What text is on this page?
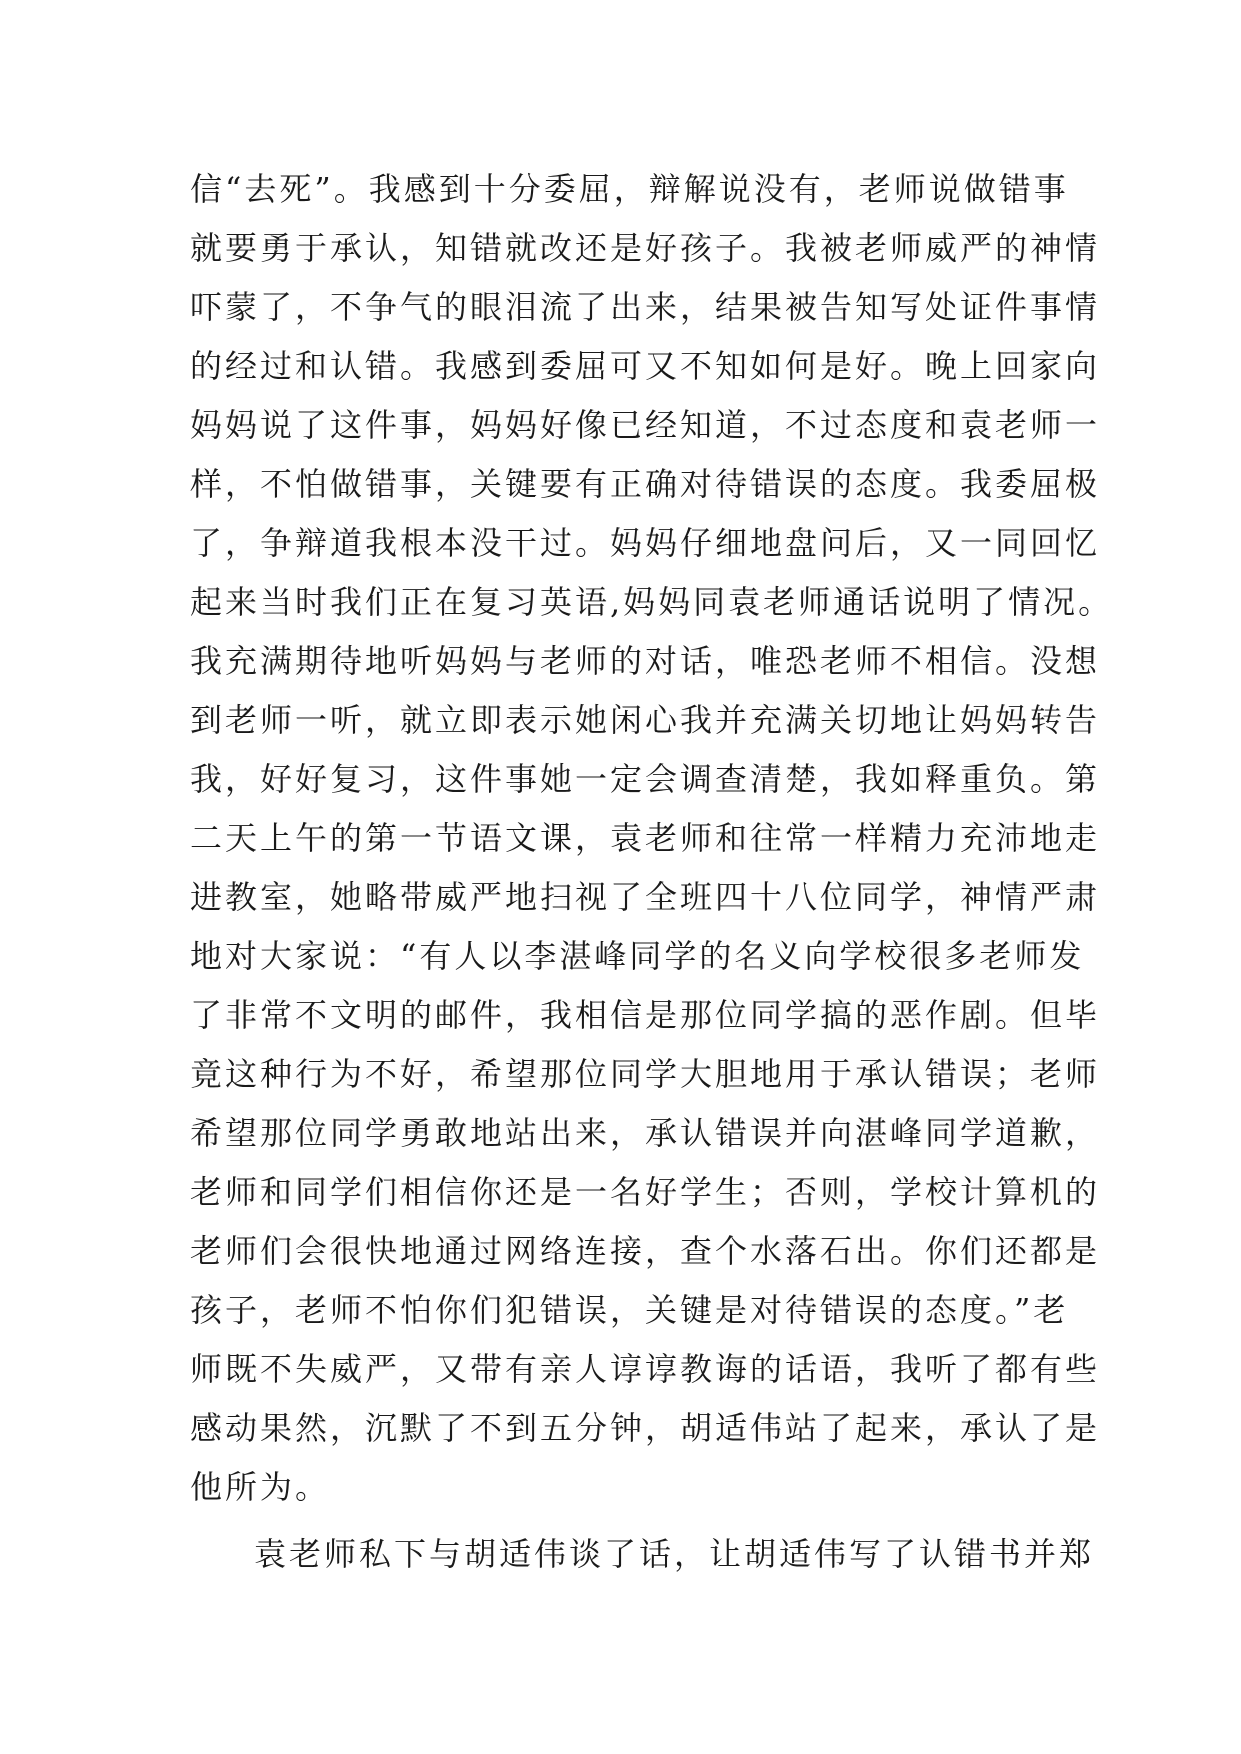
信“去死”。我感到十分委屈，辩解说没有，老师说做错事
就要勇于承认，知错就改还是好孩子。我被老师威严的神情
吓蒙了，不争气的眼泪流了出来，结果被告知写处证件事情
的经过和认错。我感到委屈可又不知如何是好。晚上回家向
妈妈说了这件事，妈妈好像已经知道，不过态度和袁老师一
样，不怕做错事，关键要有正确对待错误的态度。我委屈极
了，争辩道我根本没干过。妈妈仔细地盘问后，又一同回忆
起来当时我们正在复习英语,妈妈同袁老师通话说明了情况。
我充满期待地听妈妈与老师的对话，唯恐老师不相信。没想
到老师一听，就立即表示她闲心我并充满关切地让妈妈转告
我，好好复习，这件事她一定会调查清楚，我如释重负。第
二天上午的第一节语文课，袁老师和往常一样精力充沛地走
进教室，她略带威严地扫视了全班四十八位同学，神情严肃
地对大家说：“有人以李湛峰同学的名义向学校很多老师发
了非常不文明的邮件，我相信是那位同学搞的恶作剧。但毕
竟这种行为不好，希望那位同学大胆地用于承认错误；老师
希望那位同学勇敢地站出来，承认错误并向湛峰同学道歉，
老师和同学们相信你还是一名好学生；否则，学校计算机的
老师们会很快地通过网络连接，查个水落石出。你们还都是
孩子，老师不怕你们犯错误，关键是对待错误的态度。”老
师既不失威严，又带有亲人谆谆教诲的话语，我听了都有些
感动果然，沉默了不到五分钟，胡适伟站了起来，承认了是
他所为。
袁老师私下与胡适伟谈了话，让胡适伟写了认错书并郑
